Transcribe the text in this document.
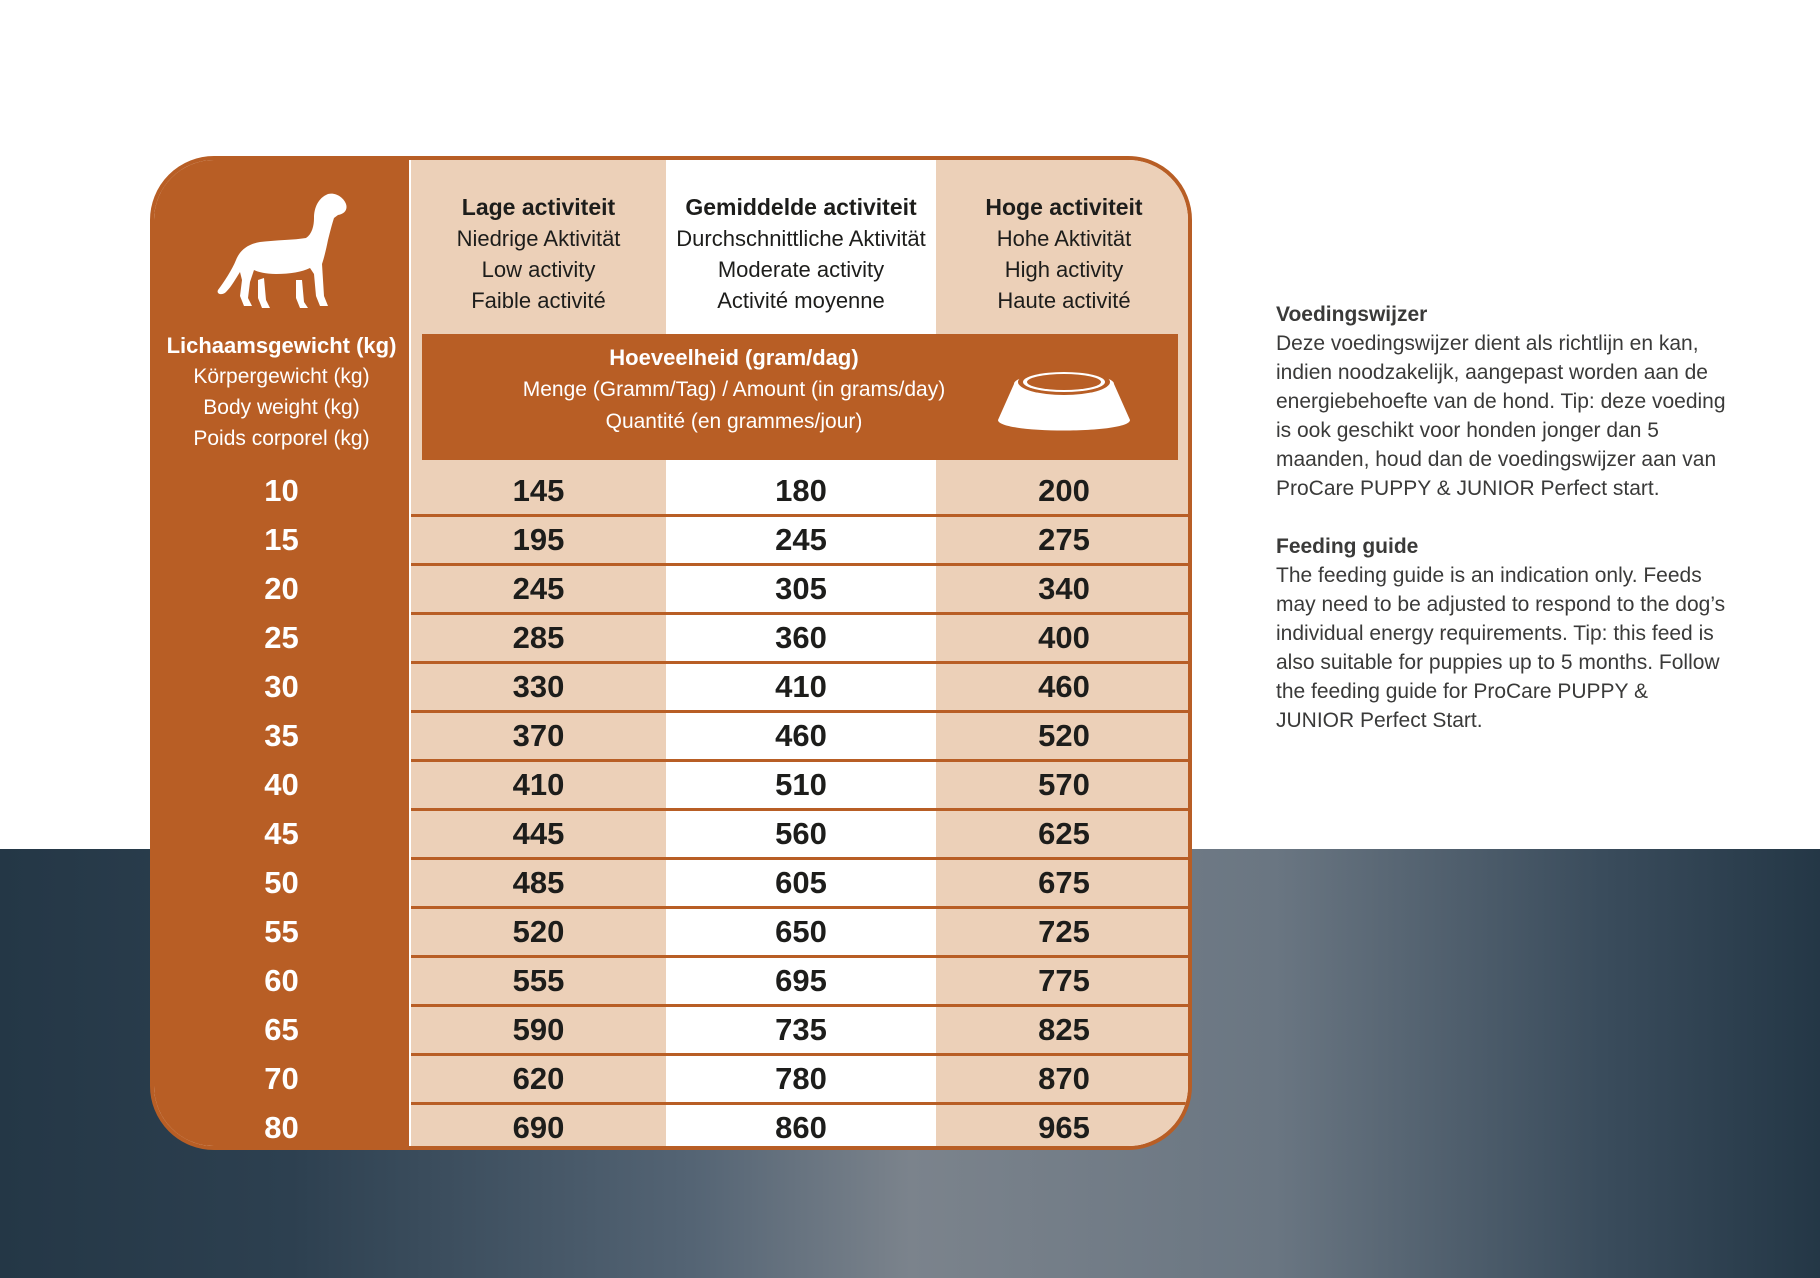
Lichaamsgewicht (kg)
Körpergewicht (kg)
Body weight (kg)
Poids corporel (kg)
Lage activiteit
Niedrige Aktivität
Low activity
Faible activité
Gemiddelde activiteit
Durchschnittliche Aktivität
Moderate activity
Activité moyenne
Hoge activiteit
Hohe Aktivität
High activity
Haute activité
Hoeveelheid (gram/dag)
Menge (Gramm/Tag) / Amount (in grams/day)
Quantité (en grammes/jour)
10	145	180	200
15	195	245	275
20	245	305	340
25	285	360	400
30	330	410	460
35	370	460	520
40	410	510	570
45	445	560	625
50	485	605	675
55	520	650	725
60	555	695	775
65	590	735	825
70	620	780	870
80	690	860	965
Voedingswijzer

Deze voedingswijzer dient als richtlijn en kan, indien noodzakelijk, aangepast worden aan de energiebehoefte van de hond. Tip: deze voeding is ook geschikt voor honden jonger dan 5 maanden, houd dan de voedingswijzer aan van ProCare PUPPY & JUNIOR Perfect start.

Feeding guide

The feeding guide is an indication only. Feeds may need to be adjusted to respond to the dog’s individual energy requirements. Tip: this feed is also suitable for puppies up to 5 months. Follow the feeding guide for ProCare PUPPY & JUNIOR Perfect Start.
